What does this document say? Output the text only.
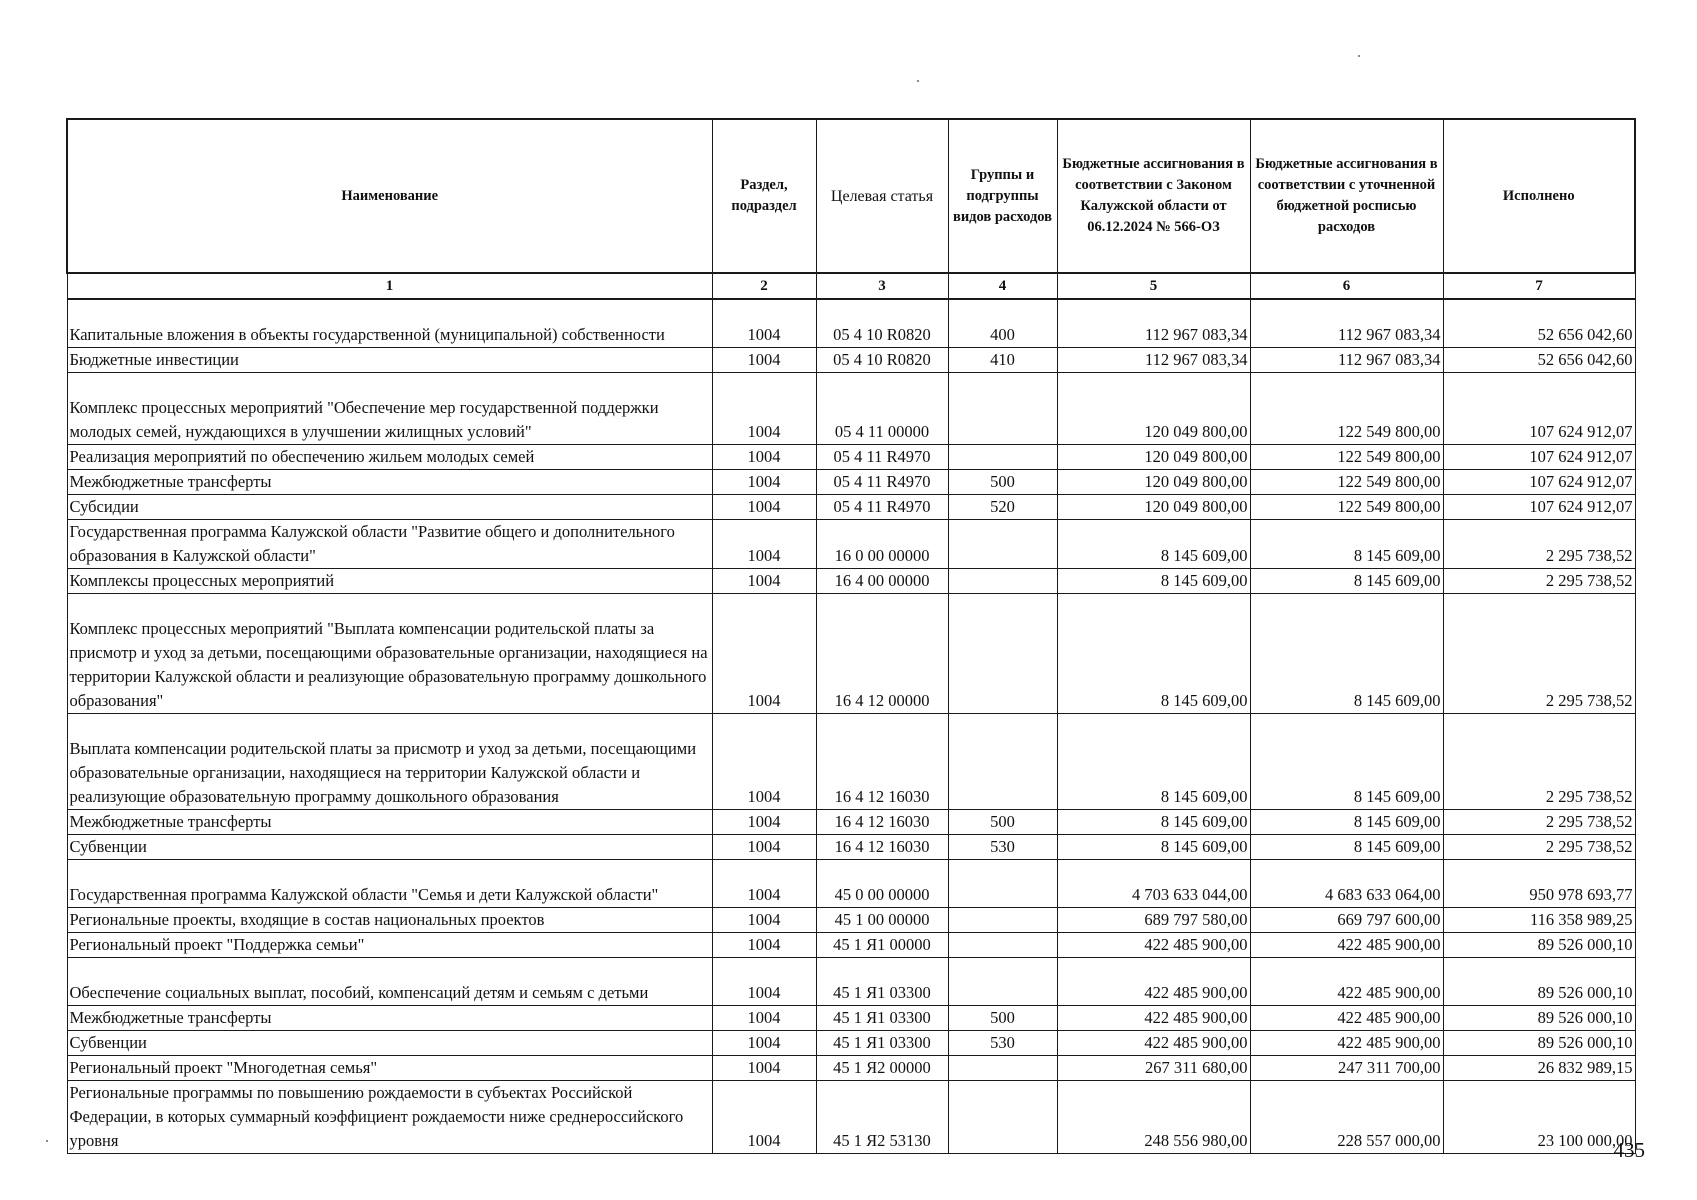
Наименование	Раздел, подраздел	Целевая статья	Группы и подгруппы видов расходов	Бюджетные ассигнования в соответствии с Законом Калужской области от 06.12.2024 № 566-ОЗ	Бюджетные ассигнования в соответствии с уточненной бюджетной росписью расходов	Исполнено
1	2	3	4	5	6	7
Капитальные вложения в объекты государственной (муниципальной) собственности	1004	05 4 10 R0820	400	112 967 083,34	112 967 083,34	52 656 042,60
Бюджетные инвестиции	1004	05 4 10 R0820	410	112 967 083,34	112 967 083,34	52 656 042,60
Комплекс процессных мероприятий "Обеспечение мер государственной поддержки молодых семей, нуждающихся в улучшении жилищных условий"	1004	05 4 11 00000		120 049 800,00	122 549 800,00	107 624 912,07
Реализация мероприятий по обеспечению жильем молодых семей	1004	05 4 11 R4970		120 049 800,00	122 549 800,00	107 624 912,07
Межбюджетные трансферты	1004	05 4 11 R4970	500	120 049 800,00	122 549 800,00	107 624 912,07
Субсидии	1004	05 4 11 R4970	520	120 049 800,00	122 549 800,00	107 624 912,07
Государственная программа Калужской области "Развитие общего и дополнительного образования в Калужской области"	1004	16 0 00 00000		8 145 609,00	8 145 609,00	2 295 738,52
Комплексы процессных мероприятий	1004	16 4 00 00000		8 145 609,00	8 145 609,00	2 295 738,52
Комплекс процессных мероприятий "Выплата компенсации родительской платы за присмотр и уход за детьми, посещающими образовательные организации, находящиеся на территории Калужской области и реализующие образовательную программу дошкольного образования"	1004	16 4 12 00000		8 145 609,00	8 145 609,00	2 295 738,52
Выплата компенсации родительской платы за присмотр и уход за детьми, посещающими образовательные организации, находящиеся на территории Калужской области и реализующие образовательную программу дошкольного образования	1004	16 4 12 16030		8 145 609,00	8 145 609,00	2 295 738,52
Межбюджетные трансферты	1004	16 4 12 16030	500	8 145 609,00	8 145 609,00	2 295 738,52
Субвенции	1004	16 4 12 16030	530	8 145 609,00	8 145 609,00	2 295 738,52
Государственная программа Калужской области "Семья и дети Калужской области"	1004	45 0 00 00000		4 703 633 044,00	4 683 633 064,00	950 978 693,77
Региональные проекты, входящие в состав национальных проектов	1004	45 1 00 00000		689 797 580,00	669 797 600,00	116 358 989,25
Региональный проект "Поддержка семьи"	1004	45 1 Я1 00000		422 485 900,00	422 485 900,00	89 526 000,10
Обеспечение социальных выплат, пособий, компенсаций детям и семьям с детьми	1004	45 1 Я1 03300		422 485 900,00	422 485 900,00	89 526 000,10
Межбюджетные трансферты	1004	45 1 Я1 03300	500	422 485 900,00	422 485 900,00	89 526 000,10
Субвенции	1004	45 1 Я1 03300	530	422 485 900,00	422 485 900,00	89 526 000,10
Региональный проект "Многодетная семья"	1004	45 1 Я2 00000		267 311 680,00	247 311 700,00	26 832 989,15
Региональные программы по повышению рождаемости в субъектах Российской Федерации, в которых суммарный коэффициент рождаемости ниже среднероссийского уровня	1004	45 1 Я2 53130		248 556 980,00	228 557 000,00	23 100 000,00
435
